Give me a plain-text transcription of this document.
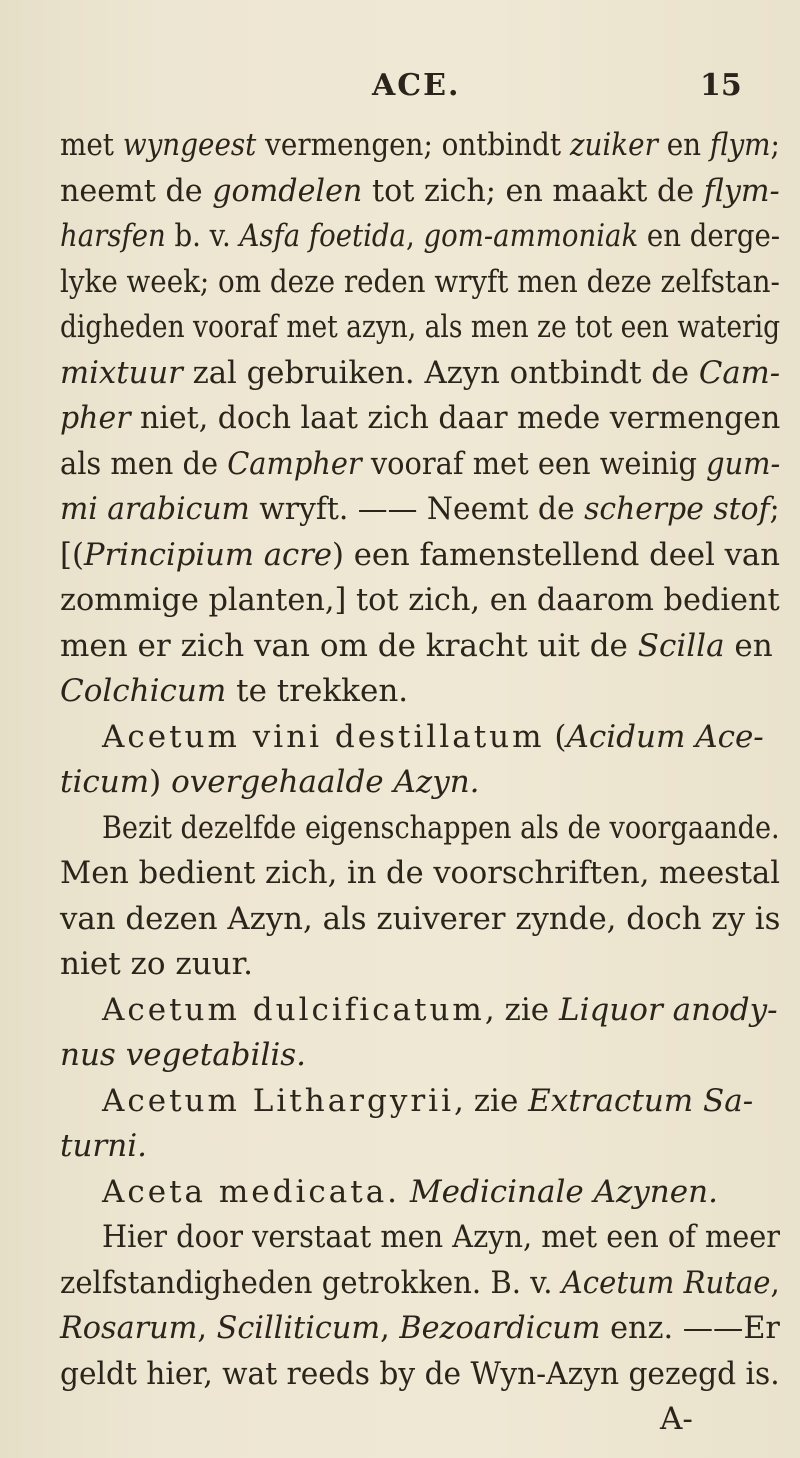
ACE.	15
met wyngeest vermengen; ontbindt zuiker en flym;
neemt de gomdelen tot zich; en maakt de flym-
harsfen b. v. Asfa foetida, gom-ammoniak en derge-
lyke week; om deze reden wryft men deze zelfstan-
digheden vooraf met azyn, als men ze tot een waterig
mixtuur zal gebruiken. Azyn ontbindt de Cam-
pher niet, doch laat zich daar mede vermengen
als men de Campher vooraf met een weinig gum-
mi arabicum wryft. —— Neemt de scherpe stof;
[(Principium acre) een famenstellend deel van
zommige planten,] tot zich, en daarom bedient
men er zich van om de kracht uit de Scilla en
Colchicum te trekken.
Acetum vini destillatum (Acidum Ace-
ticum) overgehaalde Azyn.
Bezit dezelfde eigenschappen als de voorgaande.
Men bedient zich, in de voorschriften, meestal
van dezen Azyn, als zuiverer zynde, doch zy is
niet zo zuur.
Acetum dulcificatum, zie Liquor anody-
nus vegetabilis.
Acetum Lithargyrii, zie Extractum Sa-
turni.
Aceta medicata. Medicinale Azynen.
Hier door verstaat men Azyn, met een of meer
zelfstandigheden getrokken. B. v. Acetum Rutae,
Rosarum, Scilliticum, Bezoardicum enz. ——Er
geldt hier, wat reeds by de Wyn-Azyn gezegd is.
A-
